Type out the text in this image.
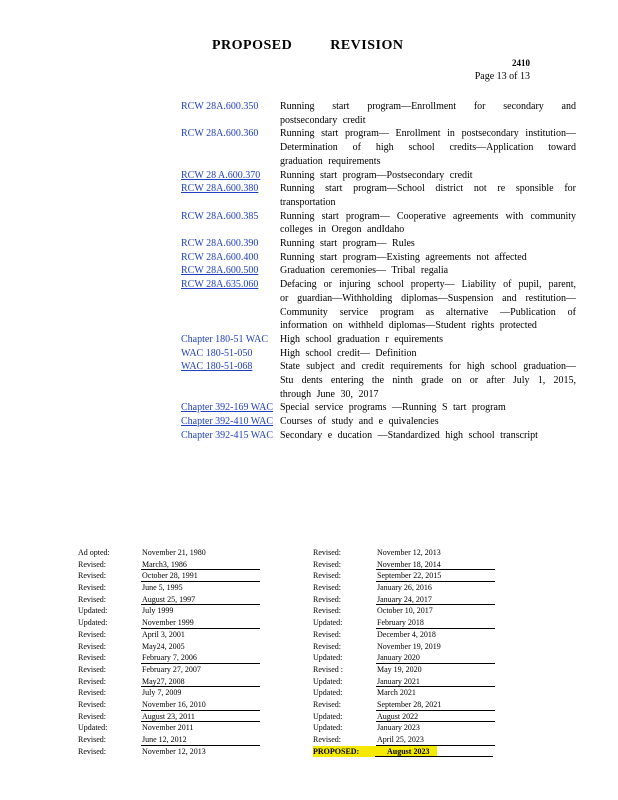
PROPOSED	REVISION
2410
Page 13 of 13
RCW 28A.600.350	Running start program—Enrollment for secondary and postsecondary credit
RCW 28A.600.360	Running start program— Enrollment in postsecondary institution—Determination of high school credits—Application toward graduation requirements
RCW 28 A.600.370	Running start program—Postsecondary credit
RCW 28A.600.380	Running start program—School district not re sponsible for transportation
RCW 28A.600.385	Running start program— Cooperative agreements with community colleges in Oregon andIdaho
RCW 28A.600.390	Running start program— Rules
RCW 28A.600.400	Running start program—Existing agreements not affected
RCW 28A.600.500	Graduation ceremonies— Tribal regalia
RCW 28A.635.060	Defacing or injuring school property— Liability of pupil, parent, or guardian—Withholding diplomas—Suspension and restitution— Community service program as alternative —Publication of information on withheld diplomas—Student rights protected
Chapter 180-51 WAC	High school graduation r equirements
WAC 180-51-050	High school credit— Definition
WAC 180-51-068	State subject and credit requirements for high school graduation— Stu dents entering the ninth grade on or after July 1, 2015, through June 30, 2017
Chapter 392-169 WAC Special service programs —Running S tart program
Chapter 392-410 WAC Courses of study and e quivalencies
Chapter 392-415 WAC Secondary e ducation —Standardized high school transcript
Ad opted:	November 21, 1980
Revised:	March3, 1986
Revised:	October 28, 1991
Revised:	June 5, 1995
Revised:	August 25, 1997
Updated:	July 1999
Updated:	November 1999
Revised:	April 3, 2001
Revised:	May24, 2005
Revised:	February 7, 2006
Revised:	February 27, 2007
Revised:	May27, 2008
Revised:	July 7, 2009
Revised:	November 16, 2010
Revised:	August 23, 2011
Updated:	November 2011
Revised:	June 12, 2012
Revised:	November 12, 2013
Revised:	November 12, 2013
Revised:	November 18, 2014
Revised:	September 22, 2015
Revised:	January 26, 2016
Revised:	January 24, 2017
Revised:	October 10, 2017
Updated:	February 2018
Revised:	December 4, 2018
Revised:	November 19, 2019
Updated:	January 2020
Revised :	May 19, 2020
Updated:	January 2021
Updated:	March 2021
Revised:	September 28, 2021
Updated:	August 2022
Updated:	January 2023
Revised:	April 25, 2023
PROPOSED:	August 2023
